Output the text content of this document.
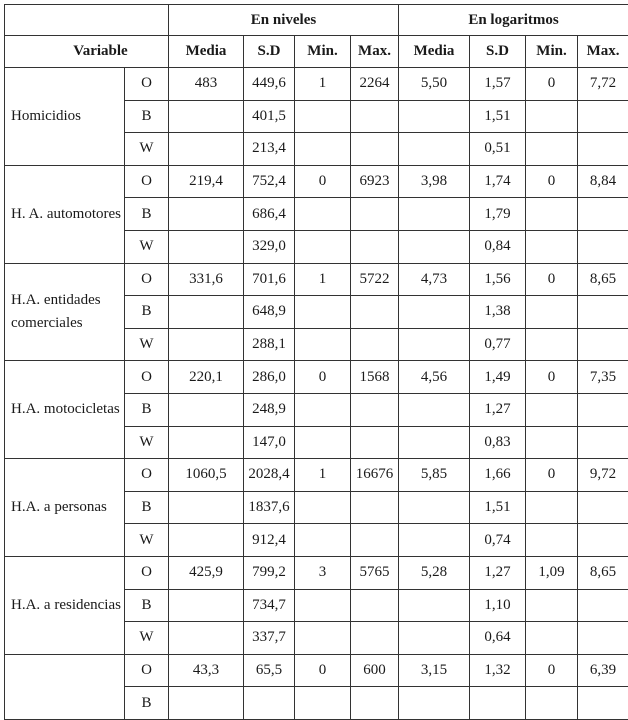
		En niveles				En logaritmos			
Variable		Media	S.D	Min.	Max.	Media	S.D	Min.	Max.
Homicidios	O	483	449,6	1	2264	5,50	1,57	0	7,72
	B		401,5				1,51		
	W		213,4				0,51		
H. A. automotores	O	219,4	752,4	0	6923	3,98	1,74	0	8,84
	B		686,4				1,79		
	W		329,0				0,84		
H.A. entidades comerciales	O	331,6	701,6	1	5722	4,73	1,56	0	8,65
	B		648,9				1,38		
	W		288,1				0,77		
H.A. motocicletas	O	220,1	286,0	0	1568	4,56	1,49	0	7,35
	B		248,9				1,27		
	W		147,0				0,83		
H.A. a personas	O	1060,5	2028,4	1	16676	5,85	1,66	0	9,72
	B		1837,6				1,51		
	W		912,4				0,74		
H.A. a residencias	O	425,9	799,2	3	5765	5,28	1,27	1,09	8,65
	B		734,7				1,10		
	W		337,7				0,64		
	O	43,3	65,5	0	600	3,15	1,32	0	6,39
	B								
